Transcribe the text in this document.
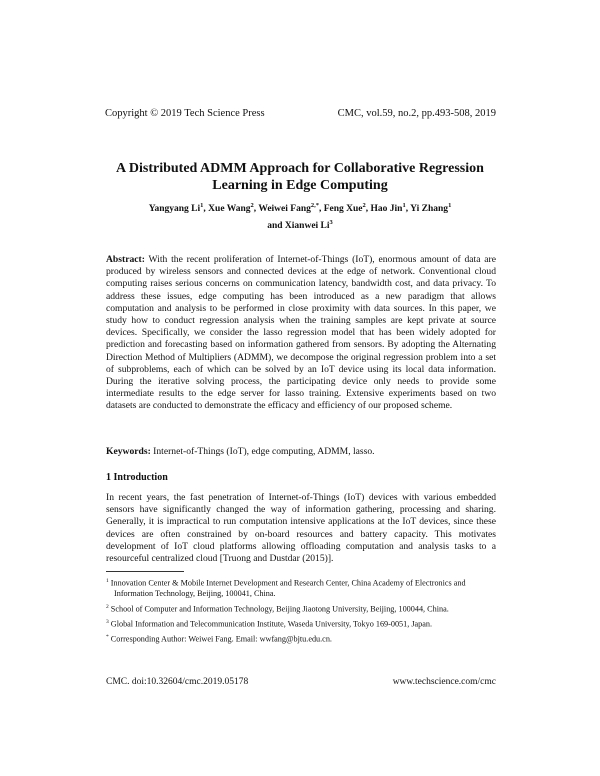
Copyright © 2019 Tech Science Press	CMC, vol.59, no.2, pp.493-508, 2019
A Distributed ADMM Approach for Collaborative Regression
Learning in Edge Computing
Yangyang Li$^1$, Xue Wang$^2$, Weiwei Fang$^{2,*}$, Feng Xue$^2$, Hao Jin$^1$, Yi Zhang$^1$
and Xianwei Li$^3$
Abstract: With the recent proliferation of Internet-of-Things (IoT), enormous amount of data are produced by wireless sensors and connected devices at the edge of network. Conventional cloud computing raises serious concerns on communication latency, bandwidth cost, and data privacy. To address these issues, edge computing has been introduced as a new paradigm that allows computation and analysis to be performed in close proximity with data sources. In this paper, we study how to conduct regression analysis when the training samples are kept private at source devices. Specifically, we consider the lasso regression model that has been widely adopted for prediction and forecasting based on information gathered from sensors. By adopting the Alternating Direction Method of Multipliers (ADMM), we decompose the original regression problem into a set of subproblems, each of which can be solved by an IoT device using its local data information. During the iterative solving process, the participating device only needs to provide some intermediate results to the edge server for lasso training. Extensive experiments based on two datasets are conducted to demonstrate the efficacy and efficiency of our proposed scheme.
Keywords: Internet-of-Things (IoT), edge computing, ADMM, lasso.
1 Introduction
In recent years, the fast penetration of Internet-of-Things (IoT) devices with various embedded sensors have significantly changed the way of information gathering, processing and sharing. Generally, it is impractical to run computation intensive applications at the IoT devices, since these devices are often constrained by on-board resources and battery capacity. This motivates development of IoT cloud platforms allowing offloading computation and analysis tasks to a resourceful centralized cloud [Truong and Dustdar (2015)].
$^1$ Innovation Center & Mobile Internet Development and Research Center, China Academy of Electronics and Information Technology, Beijing, 100041, China.
$^2$ School of Computer and Information Technology, Beijing Jiaotong University, Beijing, 100044, China.
$^3$ Global Information and Telecommunication Institute, Waseda University, Tokyo 169-0051, Japan.
* Corresponding Author: Weiwei Fang. Email: wwfang@bjtu.edu.cn.
CMC. doi:10.32604/cmc.2019.05178	www.techscience.com/cmc
